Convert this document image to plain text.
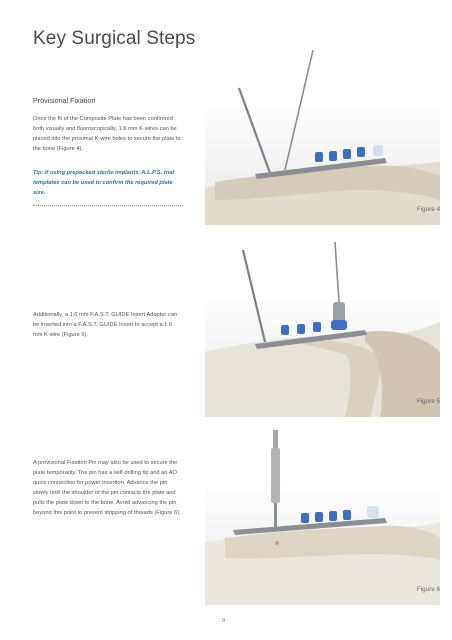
Key Surgical Steps
Provisional Fixation
Once the fit of the Composite Plate has been confirmed both visually and fluoroscopically, 1.6 mm K-wires can be placed into the proximal K-wire holes to secure the plate to the bone (Figure 4).
Tip: If using prepacked sterile implants, A.L.P.S. trial templates can be used to confirm the required plate size.
Additionally, a 1.6 mm F.A.S.T. GUIDE Insert Adapter can be inserted into a F.A.S.T. GUIDE Insert to accept a 1.6 mm K-wire (Figure 5).
A provisional Fixation Pin may also be used to secure the plate temporarily. The pin has a self-drilling tip and an AO quick connection for power insertion. Advance the pin slowly until the shoulder of the pin contacts the plate and pulls the plate down to the bone. Avoid advancing the pin beyond this point to prevent stripping of threads (Figure 6).
Figure 4
Figure 5
Figure 6
9
